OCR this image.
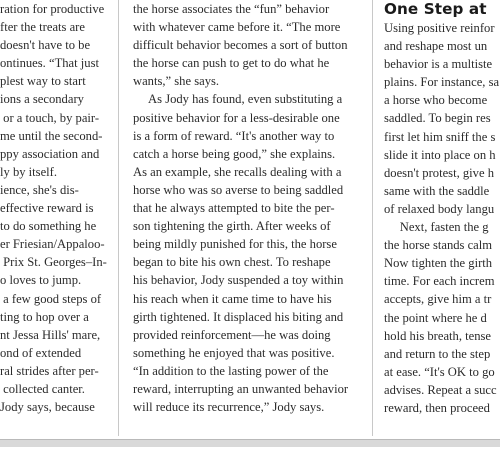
ration for productive
fter the treats are
doesn't have to be
ontinues. “That just
plest way to start
ions a secondary
or a touch, by pair-
me until the second-
ppy association and
ly by itself.
ience, she's dis-
effective reward is
to do something he
er Friesian/Appaloo-
Prix St. Georges–In-
o loves to jump.
a few good steps of
ting to hop over a
nt Jessa Hills' mare,
ond of extended
ral strides after per-
collected canter.
Jody says, because
the horse associates the “fun” behavior
with whatever came before it. “The more
difficult behavior becomes a sort of button
the horse can push to get to do what he
wants,” she says.
As Jody has found, even substituting a
positive behavior for a less-desirable one
is a form of reward. “It's another way to
catch a horse being good,” she explains.
As an example, she recalls dealing with a
horse who was so averse to being saddled
that he always attempted to bite the per-
son tightening the girth. After weeks of
being mildly punished for this, the horse
began to bite his own chest. To reshape
his behavior, Jody suspended a toy within
his reach when it came time to have his
girth tightened. It displaced his biting and
provided reinforcement—he was doing
something he enjoyed that was positive.
“In addition to the lasting power of the
reward, interrupting an unwanted behavior
will reduce its recurrence,” Jody says.
One Step at
Using positive reinfor
and reshape most un
behavior is a multiste
plains. For instance, sa
a horse who become
saddled. To begin res
first let him sniff the s
slide it into place on h
doesn't protest, give h
same with the saddle
of relaxed body langu
Next, fasten the g
the horse stands calm
Now tighten the girth
time. For each increm
accepts, give him a tr
the point where he d
hold his breath, tense
and return to the step
at ease. “It's OK to go
advises. Repeat a succ
reward, then proceed
